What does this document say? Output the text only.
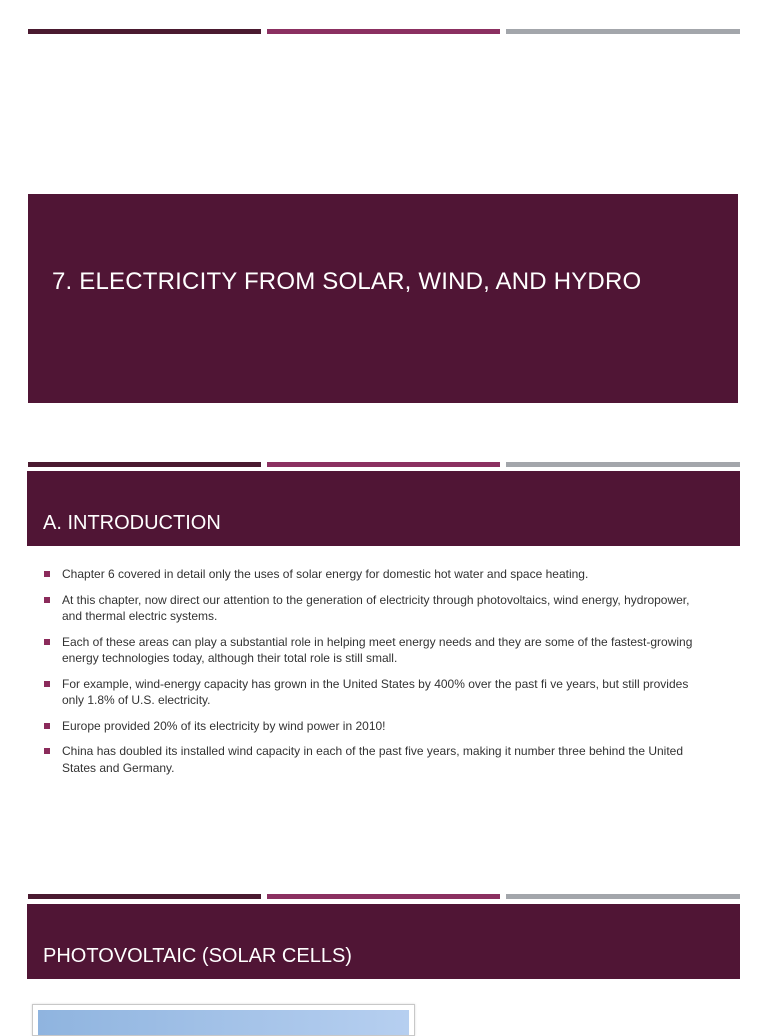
7. ELECTRICITY FROM SOLAR, WIND, AND HYDRO
A. INTRODUCTION
Chapter 6 covered in detail only the uses of solar energy for domestic hot water and space heating.
At this chapter, now direct our attention to the generation of electricity through photovoltaics, wind energy, hydropower, and thermal electric systems.
Each of these areas can play a substantial role in helping meet energy needs and they are some of the fastest-growing energy technologies today, although their total role is still small.
For example, wind-energy capacity has grown in the United States by 400% over the past fi ve years, but still provides only 1.8% of U.S. electricity.
Europe provided 20% of its electricity by wind power in 2010!
China has doubled its installed wind capacity in each of the past five years, making it number three behind the United States and Germany.
PHOTOVOLTAIC (SOLAR CELLS)
